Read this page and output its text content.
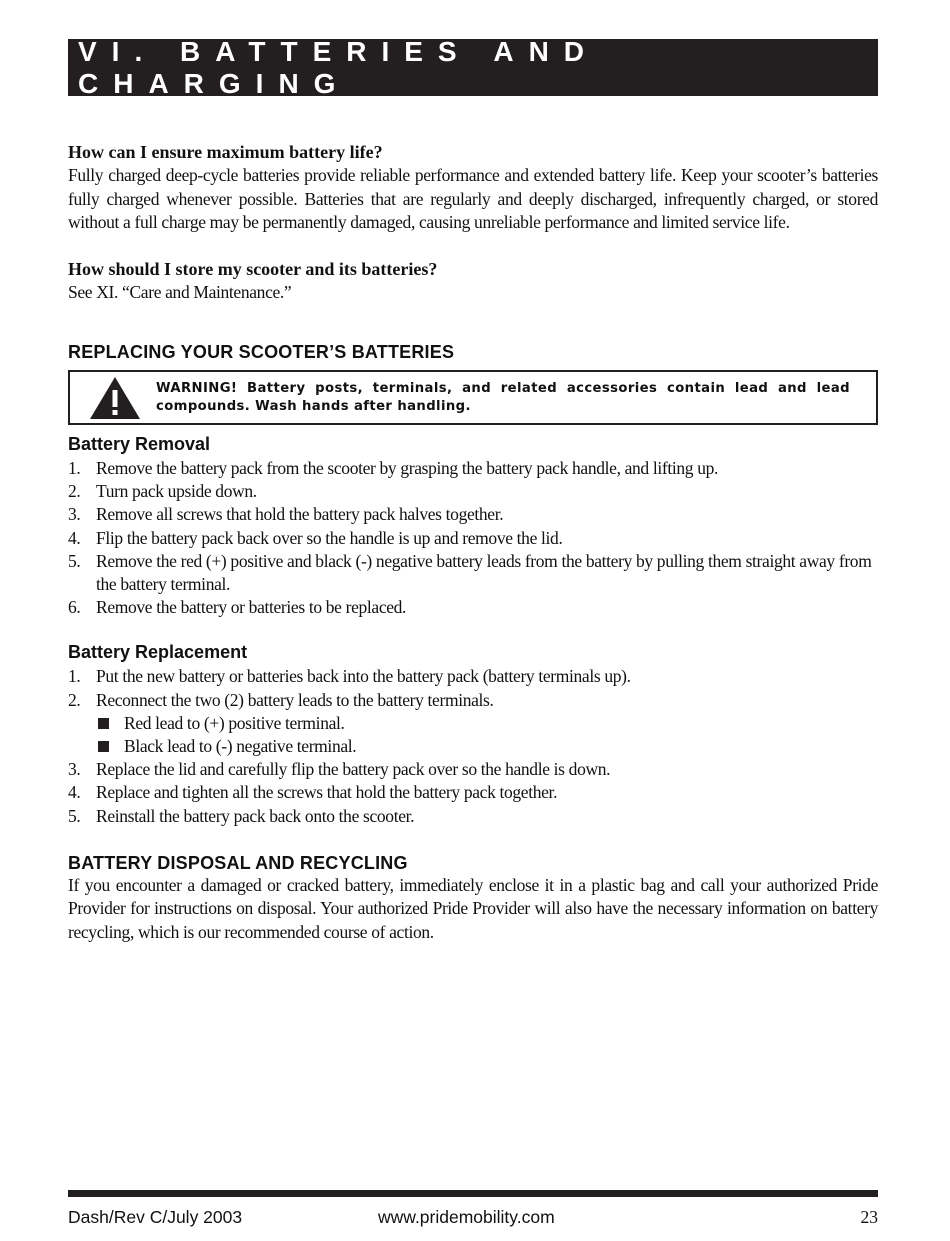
VI. BATTERIES AND CHARGING

How can I ensure maximum battery life?

Fully charged deep-cycle batteries provide reliable performance and extended battery life. Keep your scooter’s batteries fully charged whenever possible. Batteries that are regularly and deeply discharged, infrequently charged, or stored without a full charge may be permanently damaged, causing unreliable performance and limited service life.

How should I store my scooter and its batteries?

See XI. “Care and Maintenance.”

REPLACING YOUR SCOOTER’S BATTERIES

WARNING! Battery posts, terminals, and related accessories contain lead and lead compounds. Wash hands after handling.

Battery Removal

1. Remove the battery pack from the scooter by grasping the battery pack handle, and lifting up.
2. Turn pack upside down.
3. Remove all screws that hold the battery pack halves together.
4. Flip the battery pack back over so the handle is up and remove the lid.
5. Remove the red (+) positive and black (-) negative battery leads from the battery by pulling them straight away from the battery terminal.
6. Remove the battery or batteries to be replaced.

Battery Replacement

1. Put the new battery or batteries back into the battery pack (battery terminals up).
2. Reconnect the two (2) battery leads to the battery terminals.
Red lead to (+) positive terminal.
Black lead to (-) negative terminal.
3. Replace the lid and carefully flip the battery pack over so the handle is down.
4. Replace and tighten all the screws that hold the battery pack together.
5. Reinstall the battery pack back onto the scooter.

BATTERY DISPOSAL AND RECYCLING

If you encounter a damaged or cracked battery, immediately enclose it in a plastic bag and call your authorized Pride Provider for instructions on disposal. Your authorized Pride Provider will also have the necessary information on battery recycling, which is our recommended course of action.

Dash/Rev C/July 2003	www.pridemobility.com	23
